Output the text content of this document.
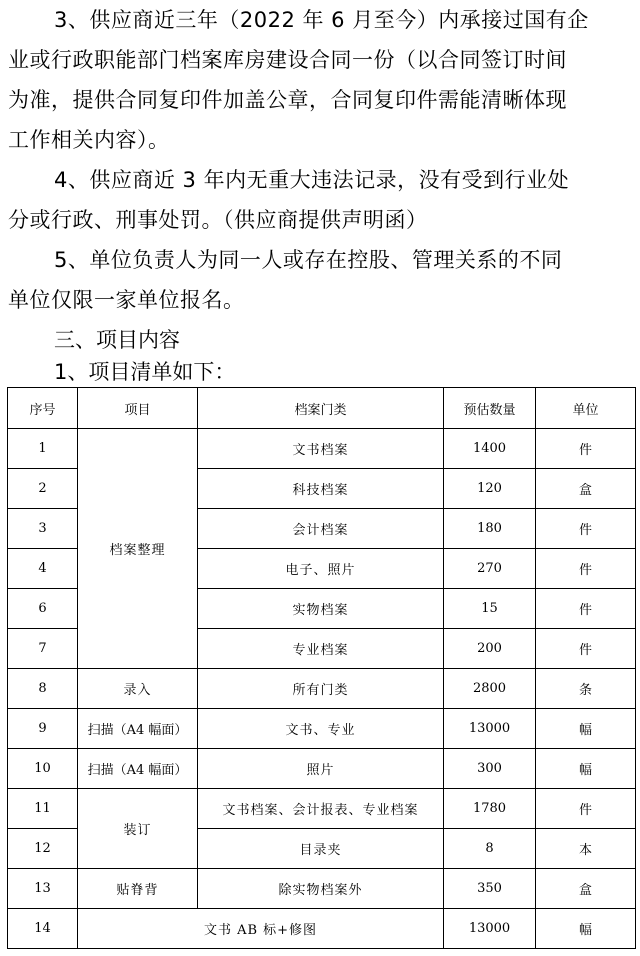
3、供应商近三年（2022 年 6 月至今）内承接过国有企
业或行政职能部门档案库房建设合同一份（以合同签订时间
为准，提供合同复印件加盖公章，合同复印件需能清晰体现
工作相关内容）。

4、供应商近 3 年内无重大违法记录，没有受到行业处
分或行政、刑事处罚。（供应商提供声明函）

5、单位负责人为同一人或存在控股、管理关系的不同
单位仅限一家单位报名。

三、项目内容

1、项目清单如下：

序号	项目	档案门类	预估数量	单位
1	档案整理	文书档案	1400	件
2		科技档案	120	盒
3		会计档案	180	件
4		电子、照片	270	件
6		实物档案	15	件
7		专业档案	200	件
8	录入	所有门类	2800	条
9	扫描（A4 幅面）	文书、专业	13000	幅
10	扫描（A4 幅面）	照片	300	幅
11	装订	文书档案、会计报表、专业档案	1780	件
12		目录夹	8	本
13	贴脊背	除实物档案外	350	盒
14	文书 AB 标+修图		13000	幅
